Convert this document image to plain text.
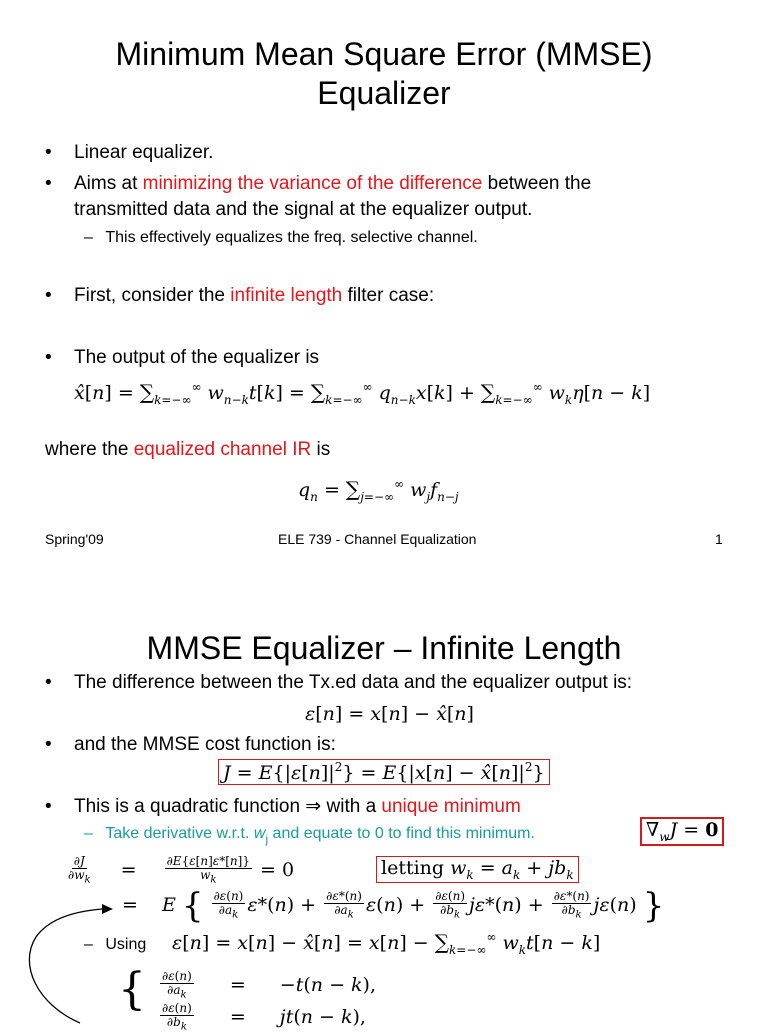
Minimum Mean Square Error (MMSE)
Equalizer
• Linear equalizer.
• Aims at minimizing the variance of the difference between the
transmitted data and the signal at the equalizer output.
– This effectively equalizes the freq. selective channel.
• First, consider the infinite length filter case:
• The output of the equalizer is
x̂[n] = $\sum_{k=-\infty}^\infty$ $w_{n-k}t[k] = \sum_{k=-\infty}^\infty$ $q_{n-k}x[k] + \sum_{k=-\infty}^\infty$ $w_k\eta[n - k]$
where the equalized channel IR is
$q_n = \sum_{j=-\infty}^\infty$ $w_jf_{n-j}$
Spring'09	ELE 739 - Channel Equalization	1
MMSE Equalizer – Infinite Length
• The difference between the Tx.ed data and the equalizer output is:
ε[n] = x[n] − x̂[n]
• and the MMSE cost function is:
$J = E\{|\varepsilon[n]|^2\} = E\{|x[n]$ − $x̂[n]|^2$}
• This is a quadratic function ⇒ with a unique minimum
– Take derivative w.r.t. $w_j$ and equate to 0 to find this minimum.	$\nabla_wJ = 0$
$\frac{\partial J}{\partial w_k} = \frac{\partial E\{\varepsilon[n]\varepsilon*[n]\}}{w_k} = 0$	letting $w_k = a_k + jb_k$
= E { $\frac{\partial\varepsilon(n)}{\partial a_k} \varepsilon*(n) + \frac{\partial\varepsilon*(n)}{\partial a_k} \varepsilon(n) + \frac{\partial\varepsilon(n)}{\partial b_k} j\varepsilon*(n) + \frac{\partial\varepsilon*(n)}{\partial b_k} j\varepsilon(n)$ }
– Using ε[n] = x[n] − x̂[n] = $x[n] - \sum_{k=-\infty}^\infty$ $w_kt[n - k]$
{ $\frac{\partial\varepsilon(n)}{\partial a_k} = -t(n - k)$,
$\frac{\partial\varepsilon(n)}{\partial b_k} = jt(n - k)$,
